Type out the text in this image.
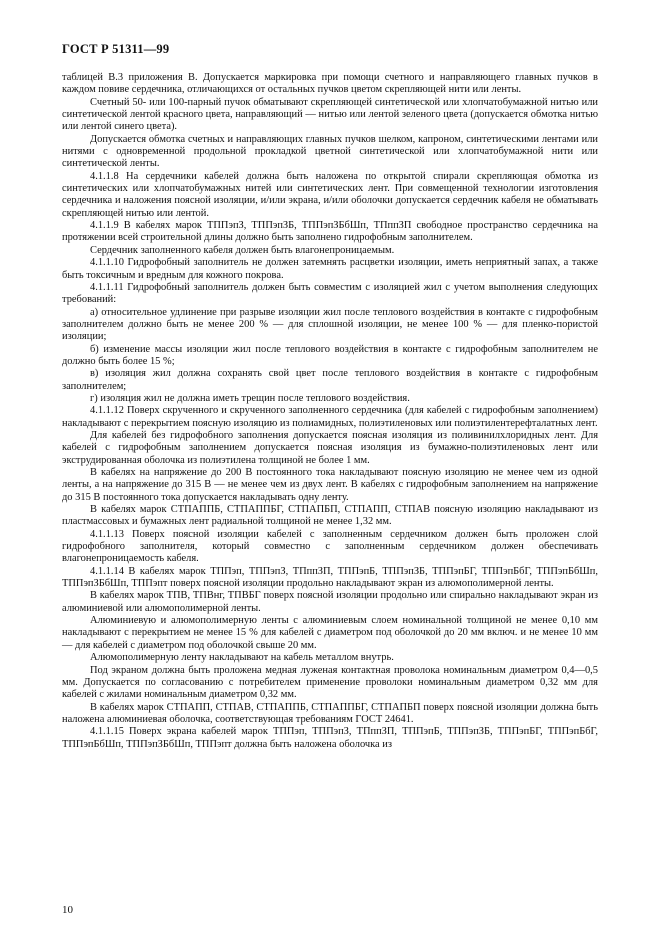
ГОСТ Р 51311—99

таблицей В.3 приложения В. Допускается маркировка при помощи счетного и направляющего главных пучков в каждом повиве сердечника, отличающихся от остальных пучков цветом скрепляющей нити или ленты.

Счетный 50- или 100-парный пучок обматывают скрепляющей синтетической или хлопчатобумажной нитью или синтетической лентой красного цвета, направляющий — нитью или лентой зеленого цвета (допускается обмотка нитью или лентой синего цвета).

Допускается обмотка счетных и направляющих главных пучков шелком, капроном, синтетическими лентами или нитями с одновременной продольной прокладкой цветной синтетической или хлопчатобумажной нити или синтетической ленты.

4.1.1.8 На сердечники кабелей должна быть наложена по открытой спирали скрепляющая обмотка из синтетических или хлопчатобумажных нитей или синтетических лент. При совмещенной технологии изготовления сердечника и наложения поясной изоляции, и/или экрана, и/или оболочки допускается сердечник кабеля не обматывать скрепляющей нитью или лентой.

4.1.1.9 В кабелях марок ТППэпЗ, ТППэпЗБ, ТППэпЗБбШп, ТПппЗП свободное пространство сердечника на протяжении всей строительной длины должно быть заполнено гидрофобным заполнителем.

Сердечник заполненного кабеля должен быть влагонепроницаемым.

4.1.1.10 Гидрофобный заполнитель не должен затемнять расцветки изоляции, иметь неприятный запах, а также быть токсичным и вредным для кожного покрова.

4.1.1.11 Гидрофобный заполнитель должен быть совместим с изоляцией жил с учетом выполнения следующих требований:

а) относительное удлинение при разрыве изоляции жил после теплового воздействия в контакте с гидрофобным заполнителем должно быть не менее 200 % — для сплошной изоляции, не менее 100 % — для пленко-пористой изоляции;

б) изменение массы изоляции жил после теплового воздействия в контакте с гидрофобным заполнителем не должно быть более 15 %;

в) изоляция жил должна сохранять свой цвет после теплового воздействия в контакте с гидрофобным заполнителем;

г) изоляция жил не должна иметь трещин после теплового воздействия.

4.1.1.12 Поверх скрученного и скрученного заполненного сердечника (для кабелей с гидрофобным заполнением) накладывают с перекрытием поясную изоляцию из полиамидных, полиэтиленовых или полиэтилентерефталатных лент.

Для кабелей без гидрофобного заполнения допускается поясная изоляция из поливинилхлоридных лент. Для кабелей с гидрофобным заполнением допускается поясная изоляция из бумажно-полиэтиленовых лент или экструдированная оболочка из полиэтилена толщиной не более 1 мм.

В кабелях на напряжение до 200 В постоянного тока накладывают поясную изоляцию не менее чем из одной ленты, а на напряжение до 315 В — не менее чем из двух лент. В кабелях с гидрофобным заполнением на напряжение до 315 В постоянного тока допускается накладывать одну ленту.

В кабелях марок СТПАППБ, СТПАППБГ, СТПАПБП, СТПАПП, СТПАВ поясную изоляцию накладывают из пластмассовых и бумажных лент радиальной толщиной не менее 1,32 мм.

4.1.1.13 Поверх поясной изоляции кабелей с заполненным сердечником должен быть проложен слой гидрофобного заполнителя, который совместно с заполненным сердечником должен обеспечивать влагонепроницаемость кабеля.

4.1.1.14 В кабелях марок ТППэп, ТППэпЗ, ТПппЗП, ТППэпБ, ТППэпЗБ, ТППэпБГ, ТППэпБбГ, ТППэпБбШп, ТППэпЗБбШп, ТППэпт поверх поясной изоляции продольно накладывают экран из алюмополимерной ленты.

В кабелях марок ТПВ, ТПВнг, ТПВБГ поверх поясной изоляции продольно или спирально накладывают экран из алюминиевой или алюмополимерной ленты.

Алюминиевую и алюмополимерную ленты с алюминиевым слоем номинальной толщиной не менее 0,10 мм накладывают с перекрытием не менее 15 % для кабелей с диаметром под оболочкой до 20 мм включ. и не менее 10 мм — для кабелей с диаметром под оболочкой свыше 20 мм.

Алюмополимерную ленту накладывают на кабель металлом внутрь.

Под экраном должна быть проложена медная луженая контактная проволока номинальным диаметром 0,4—0,5 мм. Допускается по согласованию с потребителем применение проволоки номинальным диаметром 0,32 мм для кабелей с жилами номинальным диаметром 0,32 мм.

В кабелях марок СТПАПП, СТПАВ, СТПАППБ, СТПАППБГ, СТПАПБП поверх поясной изоляции должна быть наложена алюминиевая оболочка, соответствующая требованиям ГОСТ 24641.

4.1.1.15 Поверх экрана кабелей марок ТППэп, ТППэпЗ, ТПппЗП, ТППэпБ, ТППэпЗБ, ТППэпБГ, ТППэпБбГ, ТППэпБбШп, ТППэпЗБбШп, ТППэпт должна быть наложена оболочка из

10
